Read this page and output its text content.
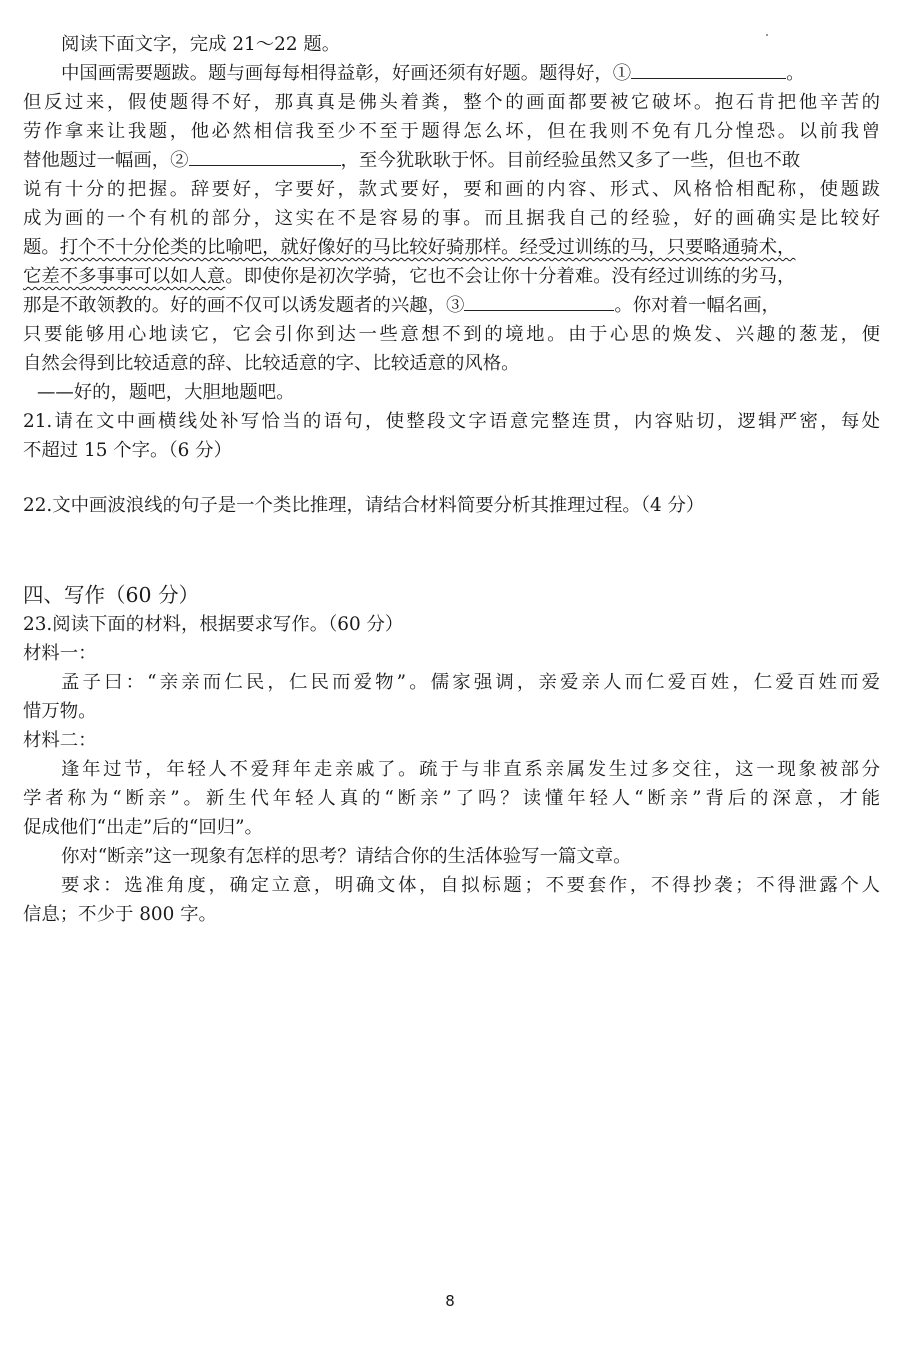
阅读下面文字，完成 21～22 题。
中国画需要题跋。题与画每每相得益彰，好画还须有好题。题得好，①	。
但反过来，假使题得不好，那真真是佛头着粪，整个的画面都要被它破坏。抱石肯把他辛苦的
劳作拿来让我题，他必然相信我至少不至于题得怎么坏，但在我则不免有几分惶恐。以前我曾
替他题过一幅画，②	，至今犹耿耿于怀。目前经验虽然又多了一些，但也不敢
说有十分的把握。辞要好，字要好，款式要好，要和画的内容、形式、风格恰相配称，使题跋
成为画的一个有机的部分，这实在不是容易的事。而且据我自己的经验，好的画确实是比较好
题。打个不十分伦类的比喻吧，就好像好的马比较好骑那样。经受过训练的马，只要略通骑术，
它差不多事事可以如人意。即使你是初次学骑，它也不会让你十分着难。没有经过训练的劣马，
那是不敢领教的。好的画不仅可以诱发题者的兴趣，③	。你对着一幅名画，
只要能够用心地读它，它会引你到达一些意想不到的境地。由于心思的焕发、兴趣的葱茏，便
自然会得到比较适意的辞、比较适意的字、比较适意的风格。
——好的，题吧，大胆地题吧。
21.请在文中画横线处补写恰当的语句，使整段文字语意完整连贯，内容贴切，逻辑严密，每处
不超过 15 个字。（6 分）
22.文中画波浪线的句子是一个类比推理，请结合材料简要分析其推理过程。（4 分）
四、写作（60 分）
23.阅读下面的材料，根据要求写作。（60 分）
材料一：
孟子曰：“亲亲而仁民，仁民而爱物”。儒家强调，亲爱亲人而仁爱百姓，仁爱百姓而爱
惜万物。
材料二：
逢年过节，年轻人不爱拜年走亲戚了。疏于与非直系亲属发生过多交往，这一现象被部分
学者称为“断亲”。新生代年轻人真的“断亲”了吗？读懂年轻人“断亲”背后的深意，才能
促成他们“出走”后的“回归”。
你对“断亲”这一现象有怎样的思考？请结合你的生活体验写一篇文章。
要求：选准角度，确定立意，明确文体，自拟标题；不要套作，不得抄袭；不得泄露个人
信息；不少于 800 字。
8
